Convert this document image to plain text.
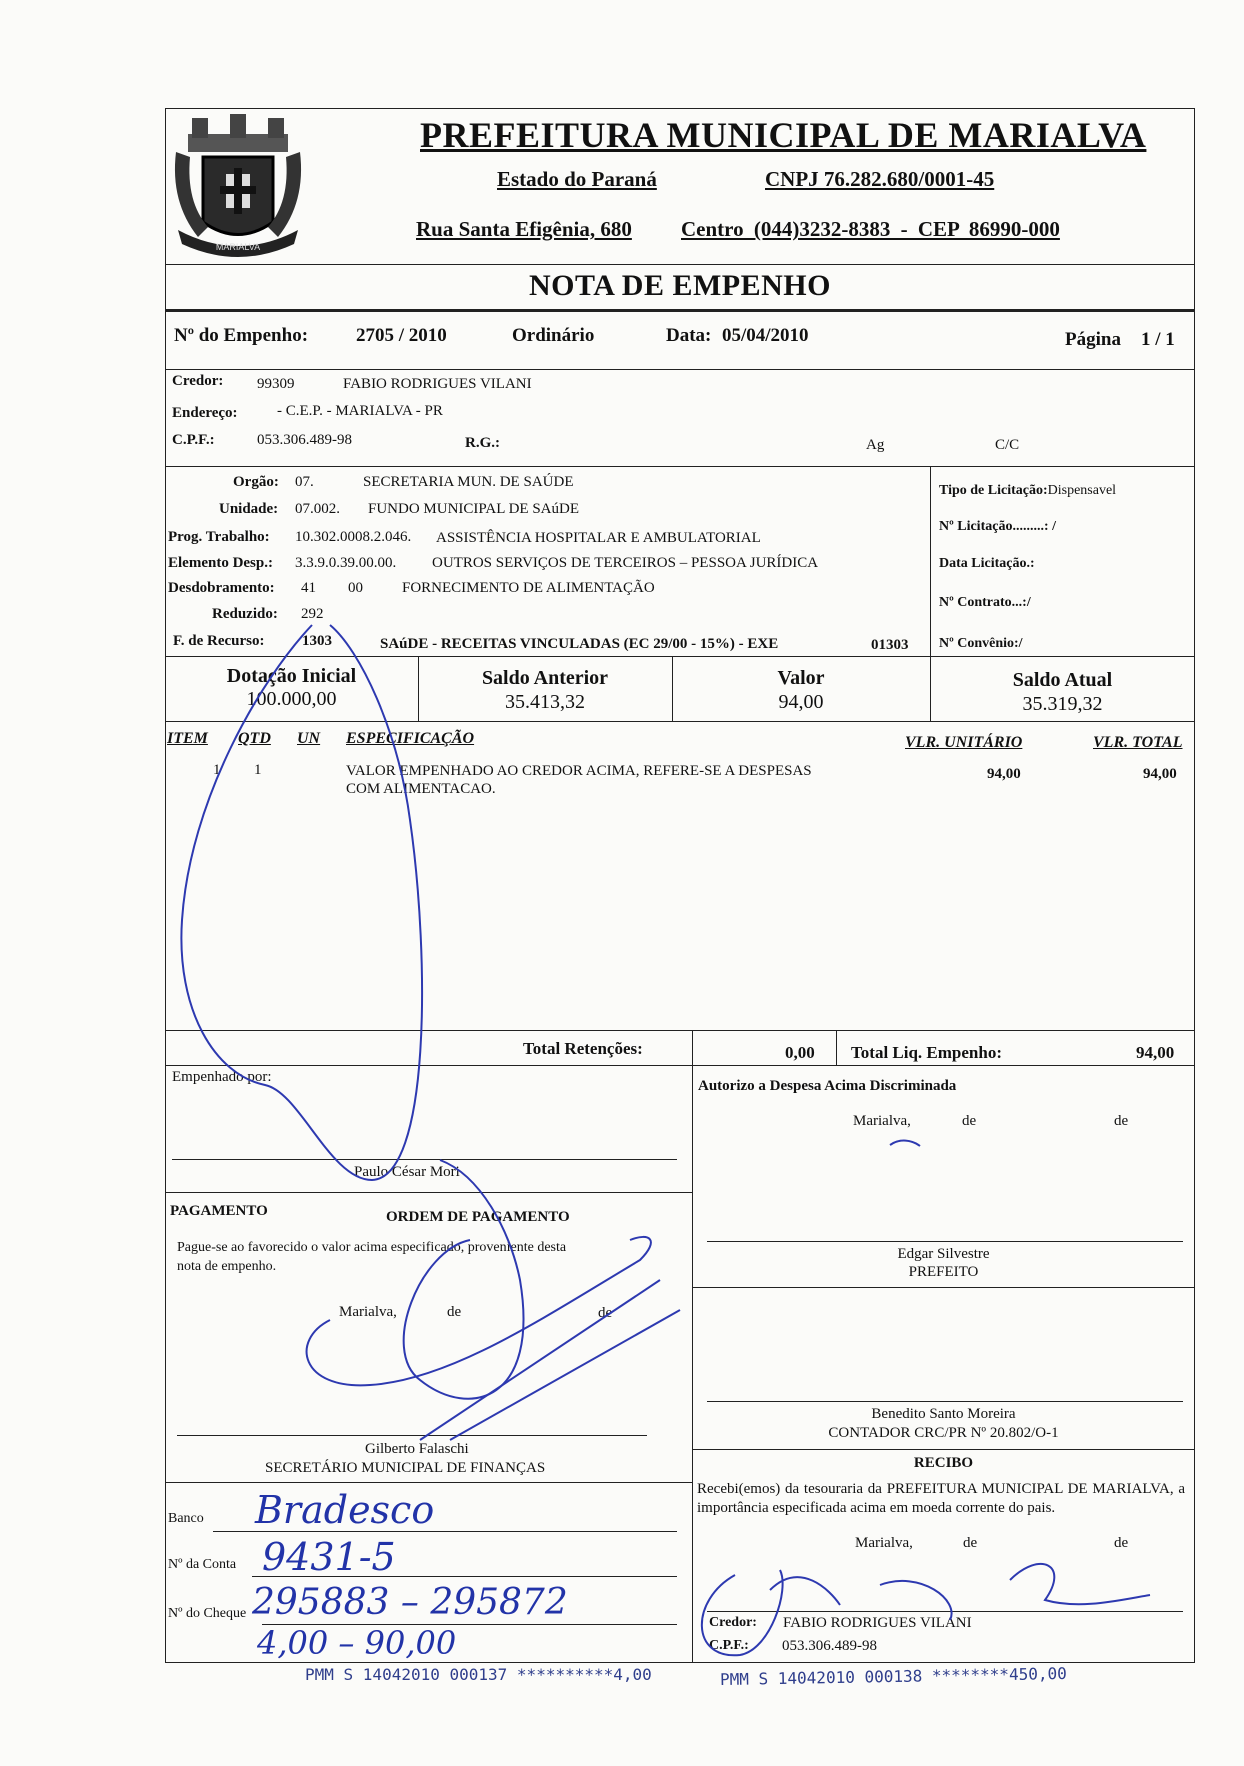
MARIALVA
PREFEITURA MUNICIPAL DE MARIALVA
Estado do Paraná	CNPJ 76.282.680/0001-45
Rua Santa Efigênia, 680 Centro (044)3232-8383 - CEP 86990-000
NOTA DE EMPENHO
Nº do Empenho:	2705 / 2010	Ordinário	Data: 05/04/2010	Página 1 / 1
Credor: 99309	FABIO RODRIGUES VILANI
Endereço:	- C.E.P. - MARIALVA - PR
C.P.F.:	053.306.489-98	R.G.:	Ag	C/C
Orgão: 07.	SECRETARIA MUN. DE SAÚDE
Unidade: 07.002. FUNDO MUNICIPAL DE SAúDE
Prog. Trabalho: 10.302.0008.2.046. ASSISTÊNCIA HOSPITALAR E AMBULATORIAL
Elemento Desp.: 3.3.9.0.39.00.00. OUTROS SERVIÇOS DE TERCEIROS – PESSOA JURÍDICA
Desdobramento: 41 00	FORNECIMENTO DE ALIMENTAÇÃO
Reduzido: 292
F. de Recurso: 1303	SAúDE - RECEITAS VINCULADAS (EC 29/00 - 15%) - EXE	01303
Tipo de Licitação:Dispensavel
Nº Licitação.........: /
Data Licitação.:
Nº Contrato...:/
Nº Convênio:/
Dotação Inicial
100.000,00
Saldo Anterior
35.413,32
Valor
94,00
Saldo Atual
35.319,32
ITEM QTD UN ESPECIFICAÇÃO	VLR. UNITÁRIO	VLR. TOTAL
1 1	VALOR EMPENHADO AO CREDOR ACIMA, REFERE-SE A DESPESAS
COM ALIMENTACAO.
94,00	94,00
Total Retenções:	0,00 Total Liq. Empenho:	94,00
Empenhado por:
Paulo César Mori
PAGAMENTO	ORDEM DE PAGAMENTO
Pague-se ao favorecido o valor acima especificado, proveniente desta
nota de empenho.
Marialva,	de	de
Gilberto Falaschi
SECRETÁRIO MUNICIPAL DE FINANÇAS
Banco Bradesco
Nº da Conta 9431-5
Nº do Cheque 295883 – 295872
4,00 – 90,00
Autorizo a Despesa Acima Discriminada
Marialva,	de	de
Edgar Silvestre
PREFEITO
Benedito Santo Moreira
CONTADOR CRC/PR Nº 20.802/O-1
RECIBO
Recebi(emos) da tesouraria da PREFEITURA MUNICIPAL DE MARIALVA, a importância especificada acima em moeda corrente do pais.
Marialva,	de	de
Credor: FABIO RODRIGUES VILANI
C.P.F.: 053.306.489-98
PMM S 14042010 000137 **********4,00	PMM S 14042010 000138 ********450,00
